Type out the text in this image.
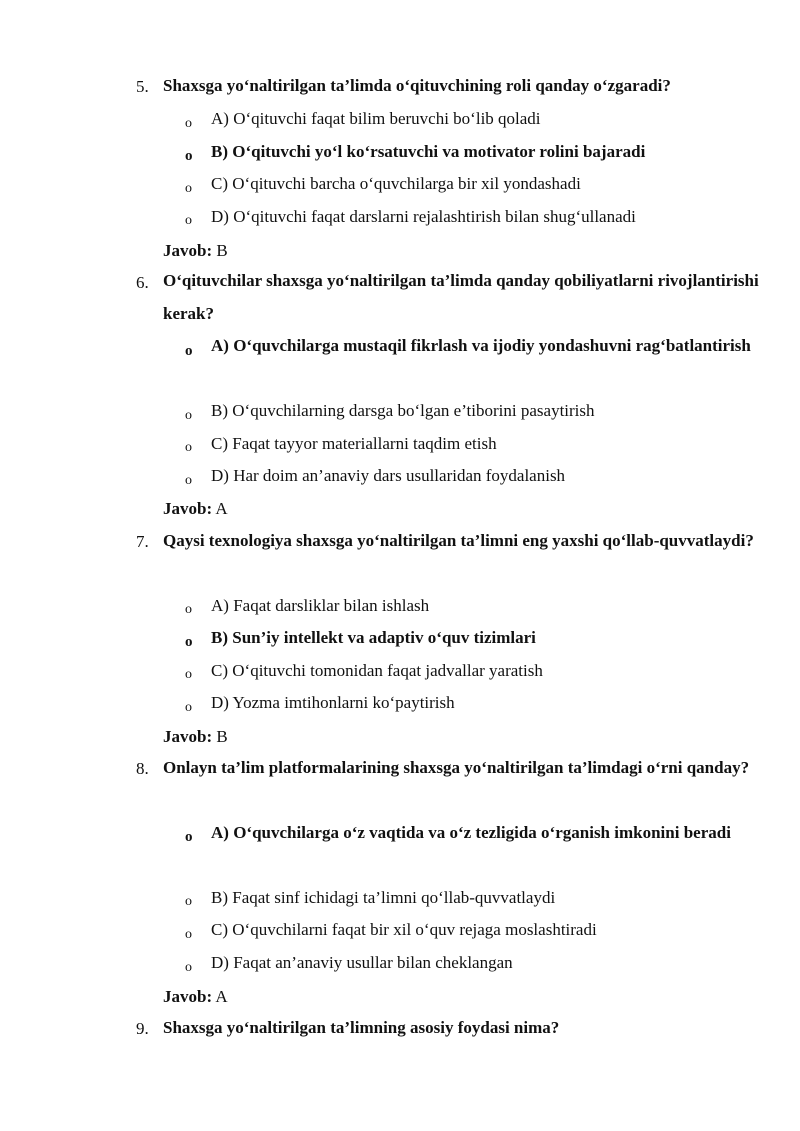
5. Shaxsga yo‘naltirilgan ta’limda o‘qituvchining roli qanday o‘zgaradi?
o A) O‘qituvchi faqat bilim beruvchi bo‘lib qoladi
o B) O‘qituvchi yo‘l ko‘rsatuvchi va motivator rolini bajaradi
o C) O‘qituvchi barcha o‘quvchilarga bir xil yondashadi
o D) O‘qituvchi faqat darslarni rejalashtirish bilan shug‘ullanadi
Javob: B
6. O‘qituvchilar shaxsga yo‘naltirilgan ta’limda qanday qobiliyatlarni rivojlantirishi kerak?
o A) O‘quvchilarga mustaqil fikrlash va ijodiy yondashuvni rag‘batlantirish
o B) O‘quvchilarning darsga bo‘lgan e’tiborini pasaytirish
o C) Faqat tayyor materiallarni taqdim etish
o D) Har doim an’anaviy dars usullaridan foydalanish
Javob: A
7. Qaysi texnologiya shaxsga yo‘naltirilgan ta’limni eng yaxshi qo‘llab-quvvatlaydi?
o A) Faqat darsliklar bilan ishlash
o B) Sun’iy intellekt va adaptiv o‘quv tizimlari
o C) O‘qituvchi tomonidan faqat jadvallar yaratish
o D) Yozma imtihonlarni ko‘paytirish
Javob: B
8. Onlayn ta’lim platformalarining shaxsga yo‘naltirilgan ta’limdagi o‘rni qanday?
o A) O‘quvchilarga o‘z vaqtida va o‘z tezligida o‘rganish imkonini beradi
o B) Faqat sinf ichidagi ta’limni qo‘llab-quvvatlaydi
o C) O‘quvchilarni faqat bir xil o‘quv rejaga moslashtiradi
o D) Faqat an’anaviy usullar bilan cheklangan
Javob: A
9. Shaxsga yo‘naltirilgan ta’limning asosiy foydasi nima?
